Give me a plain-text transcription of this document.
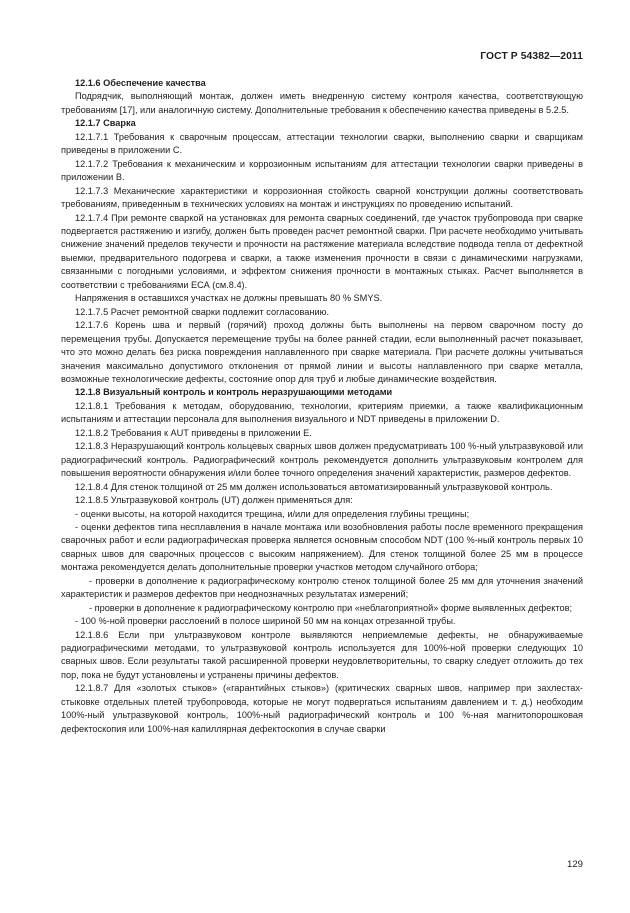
ГОСТ Р 54382—2011

12.1.6 Обеспечение качества

Подрядчик, выполняющий монтаж, должен иметь внедренную систему контроля качества, соответствующую требованиям [17], или аналогичную систему. Дополнительные требования к обеспечению качества приведены в 5.2.5.

12.1.7 Сварка

12.1.7.1 Требования к сварочным процессам, аттестации технологии сварки, выполнению сварки и сварщикам приведены в приложении С.

12.1.7.2 Требования к механическим и коррозионным испытаниям для аттестации технологии сварки приведены в приложении В.

12.1.7.3 Механические характеристики и коррозионная стойкость сварной конструкции должны соответствовать требованиям, приведенным в технических условиях на монтаж и инструкциях по проведению испытаний.

12.1.7.4 При ремонте сваркой на установках для ремонта сварных соединений, где участок трубопровода при сварке подвергается растяжению и изгибу, должен быть проведен расчет ремонтной сварки. При расчете необходимо учитывать снижение значений пределов текучести и прочности на растяжение материала вследствие подвода тепла от дефектной выемки, предварительного подогрева и сварки, а также изменения прочности в связи с динамическими нагрузками, связанными с погодными условиями, и эффектом снижения прочности в монтажных стыках. Расчет выполняется в соответствии с требованиями ЕСА (см.8.4).

Напряжения в оставшихся участках не должны превышать 80 % SMYS.

12.1.7.5 Расчет ремонтной сварки подлежит согласованию.

12.1.7.6 Корень шва и первый (горячий) проход должны быть выполнены на первом сварочном посту до перемещения трубы. Допускается перемещение трубы на более ранней стадии, если выполненный расчет показывает, что это можно делать без риска повреждения наплавленного при сварке материала. При расчете должны учитываться значения максимально допустимого отклонения от прямой линии и высоты наплавленного при сварке металла, возможные технологические дефекты, состояние опор для труб и любые динамические воздействия.

12.1.8 Визуальный контроль и контроль неразрушающими методами

12.1.8.1 Требования к методам, оборудованию, технологии, критериям приемки, а также квалификационным испытаниям и аттестации персонала для выполнения визуального и NDT приведены в приложении D.

12.1.8.2 Требования к AUT приведены в приложении Е.

12.1.8.3 Неразрушающий контроль кольцевых сварных швов должен предусматривать 100 %-ный ультразвуковой или радиографический контроль. Радиографический контроль рекомендуется дополнить ультразвуковым контролем для повышения вероятности обнаружения и/или более точного определения значений характеристик, размеров дефектов.

12.1.8.4 Для стенок толщиной от 25 мм должен использоваться автоматизированный ультразвуковой контроль.

12.1.8.5 Ультразвуковой контроль (UT) должен применяться для:

- оценки высоты, на которой находится трещина, и/или для определения глубины трещины;

- оценки дефектов типа несплавления в начале монтажа или возобновления работы после временного прекращения сварочных работ и если радиографическая проверка является основным способом NDT (100 %-ный контроль первых 10 сварных швов для сварочных процессов с высоким напряжением). Для стенок толщиной более 25 мм в процессе монтажа рекомендуется делать дополнительные проверки участков методом случайного отбора;

- проверки в дополнение к радиографическому контролю стенок толщиной более 25 мм для уточнения значений характеристик и размеров дефектов при неоднозначных результатах измерений;

- проверки в дополнение к радиографическому контролю при «неблагоприятной» форме выявленных дефектов;

- 100 %-ной проверки расслоений в полосе шириной 50 мм на концах отрезанной трубы.

12.1.8.6 Если при ультразвуковом контроле выявляются неприемлемые дефекты, не обнаруживаемые радиографическими методами, то ультразвуковой контроль используется для 100%-ной проверки следующих 10 сварных швов. Если результаты такой расширенной проверки неудовлетворительны, то сварку следует отложить до тех пор, пока не будут установлены и устранены причины дефектов.

12.1.8.7 Для «золотых стыков» («гарантийных стыков») (критических сварных швов, например при захлестах-стыковке отдельных плетей трубопровода, которые не могут подвергаться испытаниям давлением и т. д.) необходим 100%-ный ультразвуковой контроль, 100%-ный радиографический контроль и 100 %-ная магнитопорошковая дефектоскопия или 100%-ная капиллярная дефектоскопия в случае сварки

129
